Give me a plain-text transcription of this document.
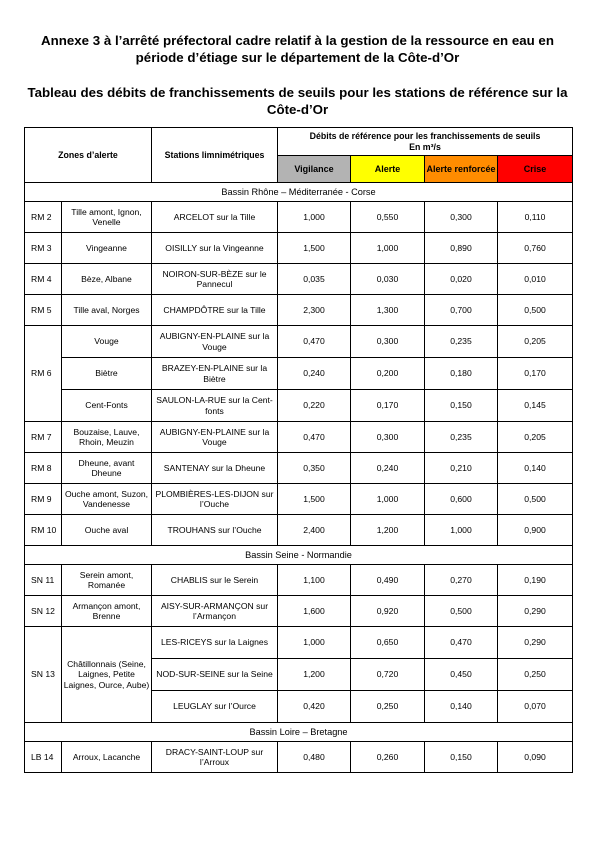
Annexe 3 à l’arrêté préfectoral cadre relatif à la gestion de la ressource en eau en période d’étiage sur le département de la Côte-d’Or

Tableau des débits de franchissements de seuils pour les stations de référence sur la Côte-d’Or

Zones d’alerte		Stations limnimétriques	Débits de référence pour les franchissements de seuils
En m³/s			
			Vigilance	Alerte	Alerte renforcée	Crise
Bassin Rhône – Méditerranée - Corse						
RM 2	Tille amont, Ignon, Venelle	ARCELOT sur la Tille	1,000	0,550	0,300	0,110
RM 3	Vingeanne	OISILLY sur la Vingeanne	1,500	1,000	0,890	0,760
RM 4	Bèze, Albane	NOIRON-SUR-BÈZE sur le Pannecul	0,035	0,030	0,020	0,010
RM 5	Tille aval, Norges	CHAMPDÔTRE sur la Tille	2,300	1,300	0,700	0,500
RM 6	Vouge	AUBIGNY-EN-PLAINE sur la Vouge	0,470	0,300	0,235	0,205
	Biètre	BRAZEY-EN-PLAINE sur la Biètre	0,240	0,200	0,180	0,170
	Cent-Fonts	SAULON-LA-RUE sur la Cent-fonts	0,220	0,170	0,150	0,145
RM 7	Bouzaise, Lauve, Rhoin, Meuzin	AUBIGNY-EN-PLAINE sur la Vouge	0,470	0,300	0,235	0,205
RM 8	Dheune, avant Dheune	SANTENAY sur la Dheune	0,350	0,240	0,210	0,140
RM 9	Ouche amont, Suzon, Vandenesse	PLOMBIÈRES-LES-DIJON sur l’Ouche	1,500	1,000	0,600	0,500
RM 10	Ouche aval	TROUHANS sur l’Ouche	2,400	1,200	1,000	0,900
Bassin Seine - Normandie						
SN 11	Serein amont, Romanée	CHABLIS sur le Serein	1,100	0,490	0,270	0,190
SN 12	Armançon amont, Brenne	AISY-SUR-ARMANÇON sur l’Armançon	1,600	0,920	0,500	0,290
SN 13	Châtillonnais (Seine, Laignes, Petite Laignes, Ource, Aube)	LES-RICEYS sur la Laignes	1,000	0,650	0,470	0,290
		NOD-SUR-SEINE sur la Seine	1,200	0,720	0,450	0,250
		LEUGLAY sur l’Ource	0,420	0,250	0,140	0,070
Bassin Loire – Bretagne						
LB 14	Arroux, Lacanche	DRACY-SAINT-LOUP sur l’Arroux	0,480	0,260	0,150	0,090
